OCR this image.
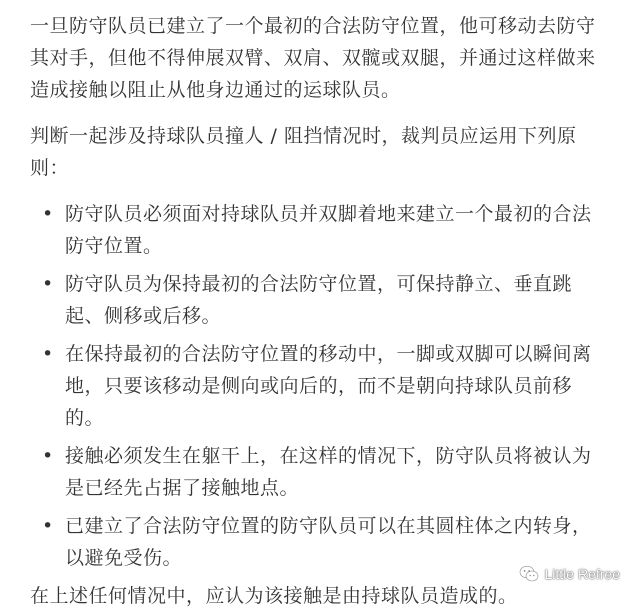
一旦防守队员已建立了一个最初的合法防守位置，他可移动去防守其对手，但他不得伸展双臂、双肩、双髋或双腿，并通过这样做来造成接触以阻止从他身边通过的运球队员。

判断一起涉及持球队员撞人 / 阻挡情况时，裁判员应运用下列原则：

• 防守队员必须面对持球队员并双脚着地来建立一个最初的合法防守位置。
• 防守队员为保持最初的合法防守位置，可保持静立、垂直跳起、侧移或后移。
• 在保持最初的合法防守位置的移动中，一脚或双脚可以瞬间离地，只要该移动是侧向或向后的，而不是朝向持球队员前移的。
• 接触必须发生在躯干上，在这样的情况下，防守队员将被认为是已经先占据了接触地点。
• 已建立了合法防守位置的防守队员可以在其圆柱体之内转身，以避免受伤。

在上述任何情况中，应认为该接触是由持球队员造成的。

Little Refree
